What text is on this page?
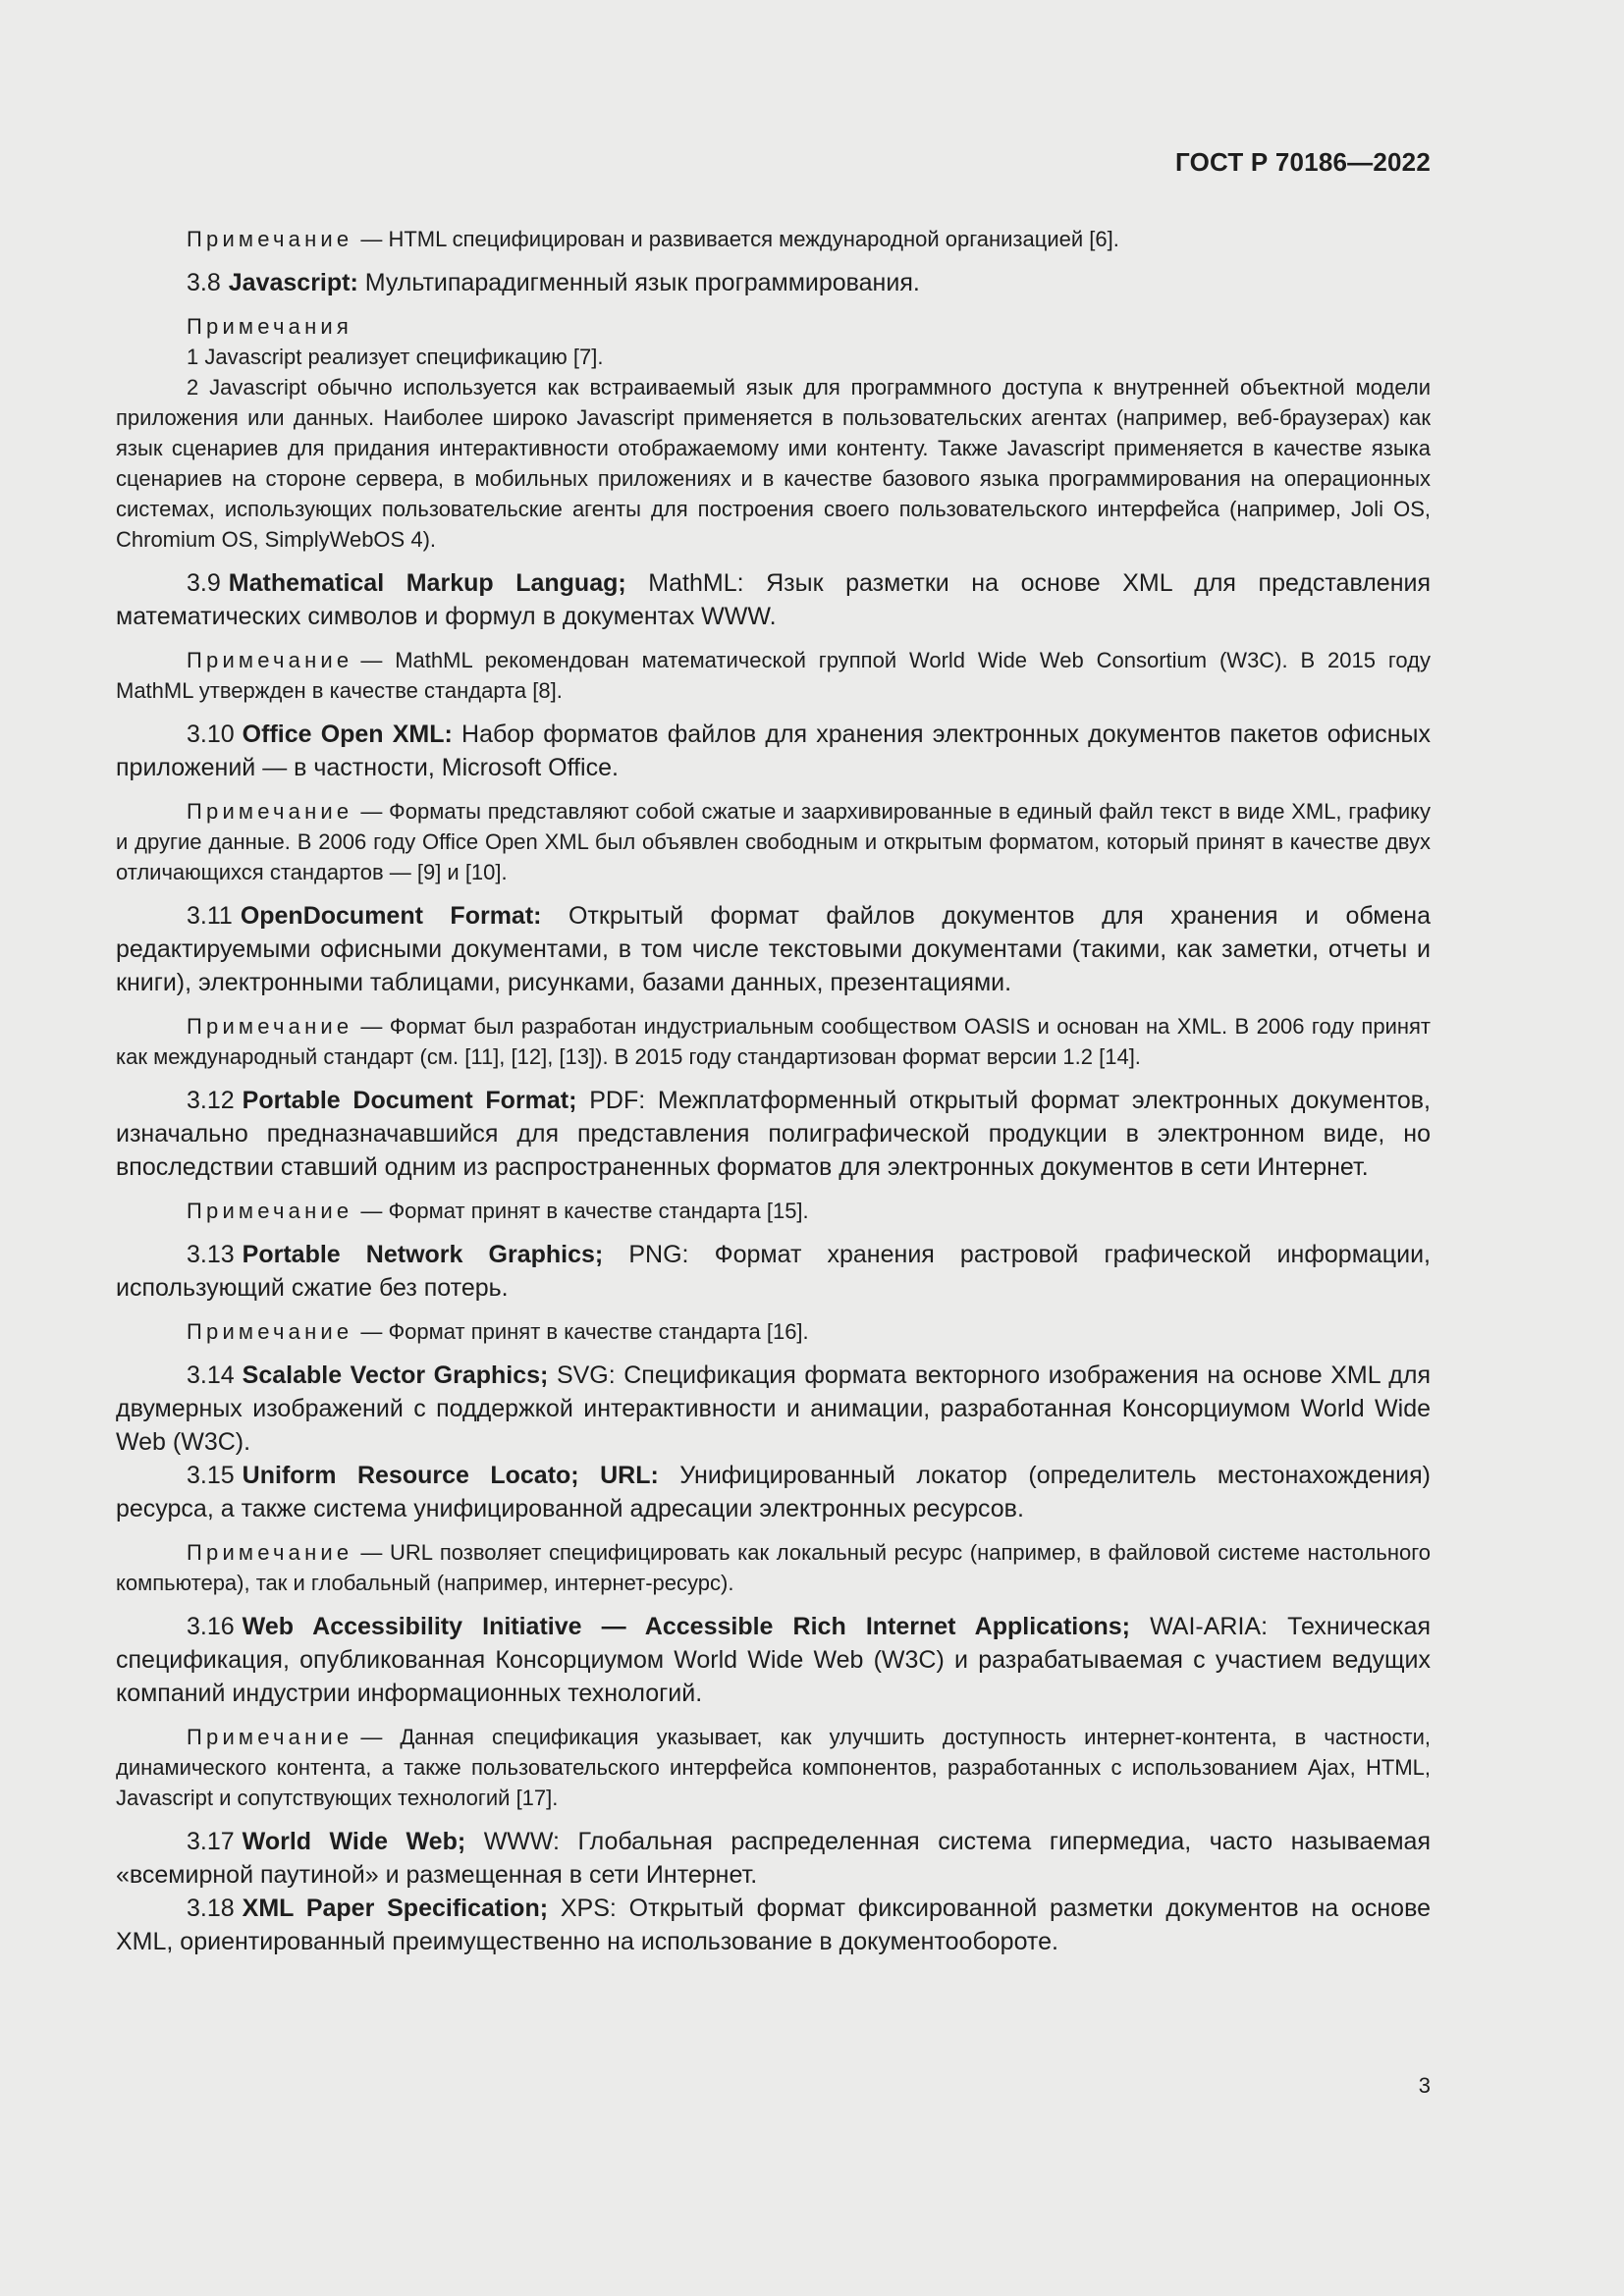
ГОСТ Р 70186—2022

Примечание — HTML специфицирован и развивается международной организацией [6].

3.8 Javascript: Мультипарадигменный язык программирования.

Примечания

1 Javascript реализует спецификацию [7].

2 Javascript обычно используется как встраиваемый язык для программного доступа к внутренней объектной модели приложения или данных. Наиболее широко Javascript применяется в пользовательских агентах (например, веб-браузерах) как язык сценариев для придания интерактивности отображаемому ими контенту. Также Javascript применяется в качестве языка сценариев на стороне сервера, в мобильных приложениях и в качестве базового языка программирования на операционных системах, использующих пользовательские агенты для построения своего пользовательского интерфейса (например, Joli OS, Chromium OS, SimplyWebOS 4).

3.9 Mathematical Markup Languag; MathML: Язык разметки на основе XML для представления математических символов и формул в документах WWW.

Примечание — MathML рекомендован математической группой World Wide Web Consortium (W3C). В 2015 году MathML утвержден в качестве стандарта [8].

3.10 Office Open XML: Набор форматов файлов для хранения электронных документов пакетов офисных приложений — в частности, Microsoft Office.

Примечание — Форматы представляют собой сжатые и заархивированные в единый файл текст в виде XML, графику и другие данные. В 2006 году Office Open XML был объявлен свободным и открытым форматом, который принят в качестве двух отличающихся стандартов — [9] и [10].

3.11 OpenDocument Format: Открытый формат файлов документов для хранения и обмена редактируемыми офисными документами, в том числе текстовыми документами (такими, как заметки, отчеты и книги), электронными таблицами, рисунками, базами данных, презентациями.

Примечание — Формат был разработан индустриальным сообществом OASIS и основан на XML. В 2006 году принят как международный стандарт (см. [11], [12], [13]). В 2015 году стандартизован формат версии 1.2 [14].

3.12 Portable Document Format; PDF: Межплатформенный открытый формат электронных документов, изначально предназначавшийся для представления полиграфической продукции в электронном виде, но впоследствии ставший одним из распространенных форматов для электронных документов в сети Интернет.

Примечание — Формат принят в качестве стандарта [15].

3.13 Portable Network Graphics; PNG: Формат хранения растровой графической информации, использующий сжатие без потерь.

Примечание — Формат принят в качестве стандарта [16].

3.14 Scalable Vector Graphics; SVG: Спецификация формата векторного изображения на основе XML для двумерных изображений с поддержкой интерактивности и анимации, разработанная Консорциумом World Wide Web (W3C).

3.15 Uniform Resource Locato; URL: Унифицированный локатор (определитель местонахождения) ресурса, а также система унифицированной адресации электронных ресурсов.

Примечание — URL позволяет специфицировать как локальный ресурс (например, в файловой системе настольного компьютера), так и глобальный (например, интернет-ресурс).

3.16 Web Accessibility Initiative — Accessible Rich Internet Applications; WAI-ARIA: Техническая спецификация, опубликованная Консорциумом World Wide Web (W3C) и разрабатываемая с участием ведущих компаний индустрии информационных технологий.

Примечание — Данная спецификация указывает, как улучшить доступность интернет-контента, в частности, динамического контента, а также пользовательского интерфейса компонентов, разработанных с использованием Ajax, HTML, Javascript и сопутствующих технологий [17].

3.17 World Wide Web; WWW: Глобальная распределенная система гипермедиа, часто называемая «всемирной паутиной» и размещенная в сети Интернет.

3.18 XML Paper Specification; XPS: Открытый формат фиксированной разметки документов на основе XML, ориентированный преимущественно на использование в документообороте.

3
